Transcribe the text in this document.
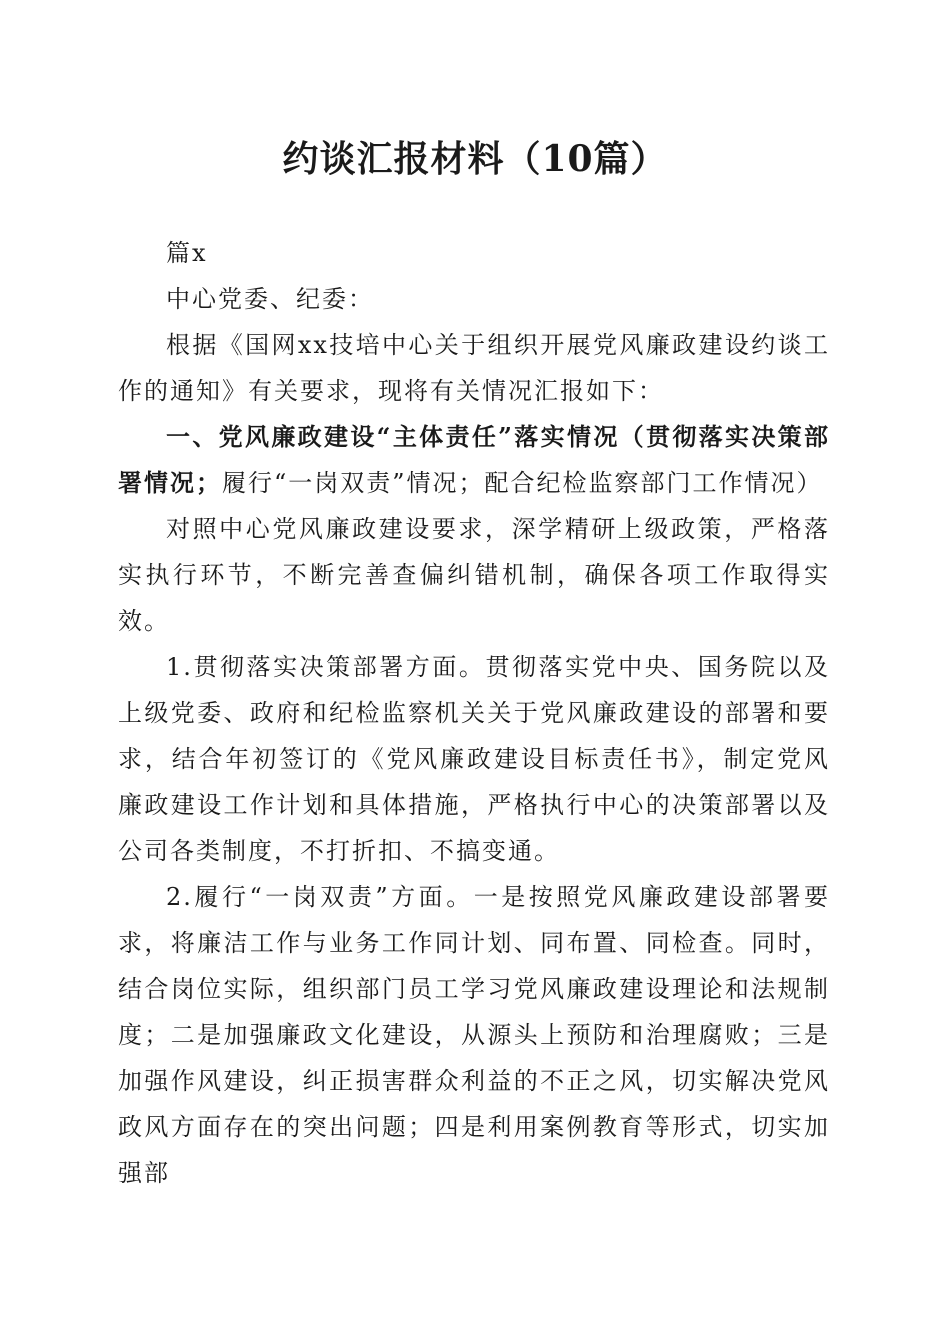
约谈汇报材料（10篇）

篇x

中心党委、纪委：

根据《国网xx技培中心关于组织开展党风廉政建设约谈工作的通知》有关要求，现将有关情况汇报如下：

一、党风廉政建设“主体责任”落实情况（贯彻落实决策部署情况；履行“一岗双责”情况；配合纪检监察部门工作情况）

对照中心党风廉政建设要求，深学精研上级政策，严格落实执行环节，不断完善查偏纠错机制，确保各项工作取得实效。

1.贯彻落实决策部署方面。贯彻落实党中央、国务院以及上级党委、政府和纪检监察机关关于党风廉政建设的部署和要求，结合年初签订的《党风廉政建设目标责任书》，制定党风廉政建设工作计划和具体措施，严格执行中心的决策部署以及公司各类制度，不打折扣、不搞变通。

2.履行“一岗双责”方面。一是按照党风廉政建设部署要求，将廉洁工作与业务工作同计划、同布置、同检查。同时，结合岗位实际，组织部门员工学习党风廉政建设理论和法规制度；二是加强廉政文化建设，从源头上预防和治理腐败；三是加强作风建设，纠正损害群众利益的不正之风，切实解决党风政风方面存在的突出问题；四是利用案例教育等形式，切实加强部
